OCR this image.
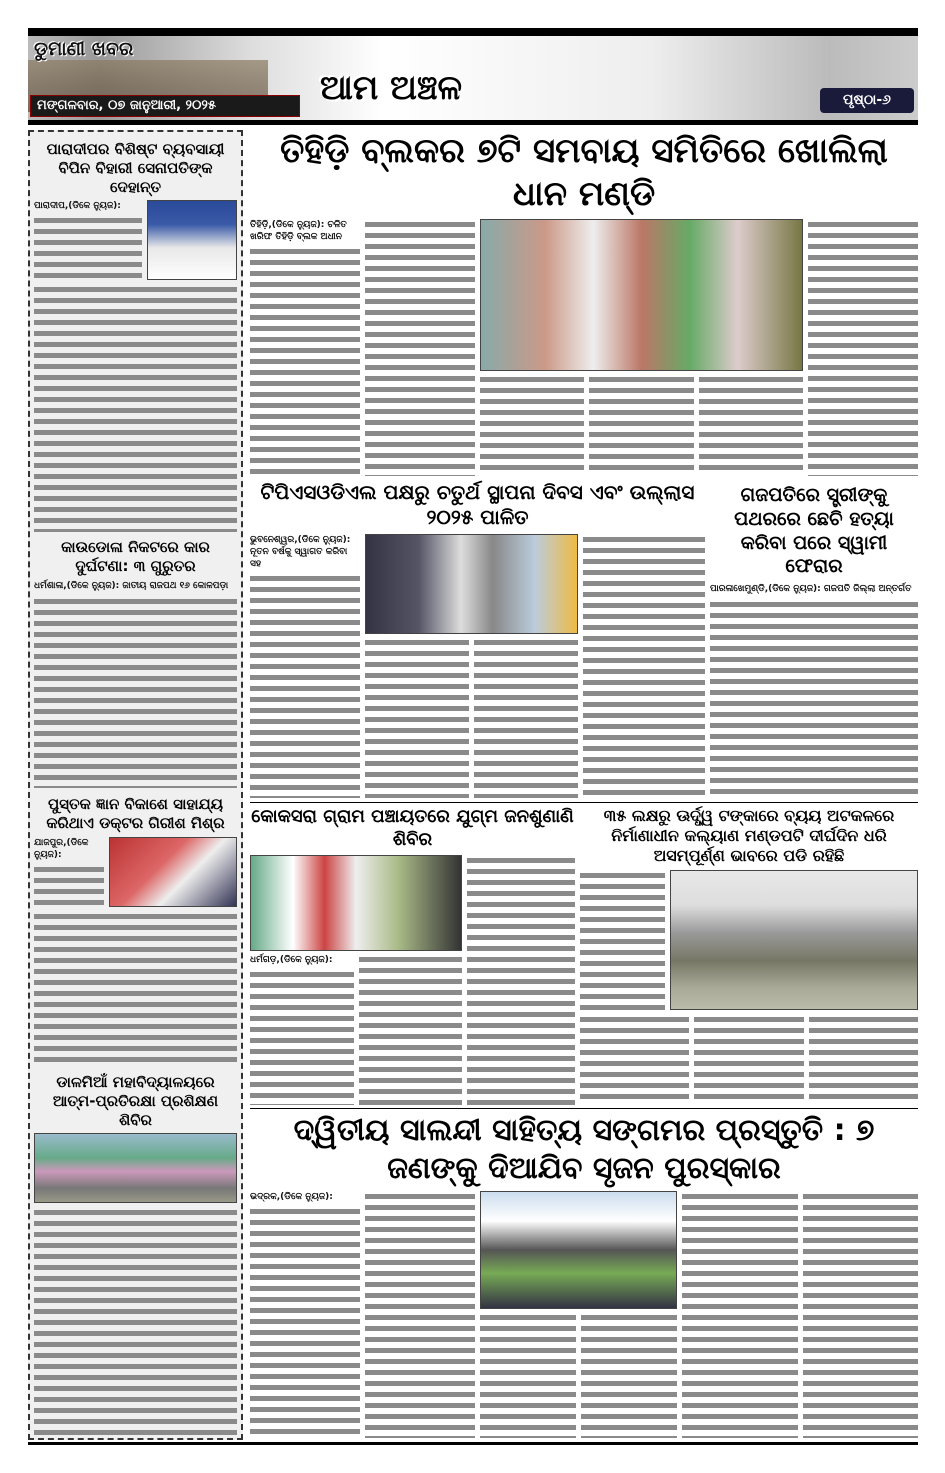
ଡୁମାଣୀ ଖବର
ମଙ୍ଗଳବାର, ୦୭ ଜାନୁଆରୀ, ୨୦୨୫	ଆମ ଅଞ୍ଚଳ	ପୃଷ୍ଠା-୬
ପାରାଦୀପର ବିଶିଷ୍ଟ ବ୍ୟବସାୟୀ ବିପିନ ବିହାରୀ ସେନାପତିଙ୍କ ଦେହାନ୍ତ
ପାରାଦୀପ,(ଡିକେ ନ୍ୟୁଜ):
କାଉଡୋଳା ନିକଟରେ କାର ଦୁର୍ଘଟଣା: ୩ ଗୁରୁତର
ଧର୍ମଶାଳା,(ଡିକେ ନ୍ୟୁଜ): ଜାତୀୟ ରାଜପଥ ୧୬ କୋଳପଡ଼ା
ପୁସ୍ତକ ଜ୍ଞାନ ବିକାଶେ ସାହାଯ୍ୟ କରିଥାଏ ଡକ୍ଟର ଗିରୀଶ ମିଶ୍ର
ଯାଜପୁର,(ଡିକେ ନ୍ୟୁଜ):
ଡାଳମିଆଁ ମହାବିଦ୍ୟାଳୟରେ ଆତ୍ମ-ପ୍ରତିରକ୍ଷା ପ୍ରଶିକ୍ଷଣ ଶିବିର
ତିହିଡ଼ି ବ୍ଲକର ୭ଟି ସମବାୟ ସମିତିରେ ଖୋଲିଲା ଧାନ ମଣ୍ଡି
ତିହିଡ଼ି,(ଡିକେ ନ୍ୟୁଜ): ଚଳିତ ଖରିଫ ତିହିଡ଼ି ବ୍ଲକ ଅଧୀନ
ଟିପିଏସଓଡିଏଲ ପକ୍ଷରୁ ଚତୁର୍ଥ ସ୍ଥାପନା ଦିବସ ଏବଂ ଉଲ୍ଲାସ ୨୦୨୫ ପାଳିତ
ଭୁବନେଶ୍ୱର,(ଡିକେ ନ୍ୟୁଜ): ନୂତନ ବର୍ଷକୁ ସ୍ୱାଗତ କରିବା ସହ
ଗଜପତିରେ ସ୍ତ୍ରୀଙ୍କୁ ପଥରରେ ଛେଚି ହତ୍ୟା କରିବା ପରେ ସ୍ୱାମୀ ଫେରାର
ପାରଳାଖେମୁଣ୍ଡି,(ଡିକେ ନ୍ୟୁଜ): ଗଜପତି ଜିଲ୍ଲା ଅନ୍ତର୍ଗତ
କୋକସରା ଗ୍ରାମ ପଞ୍ଚାୟତରେ ଯୁଗ୍ମ ଜନଶୁଣାଣି ଶିବିର
ଧର୍ମଗଡ଼,(ଡିକେ ନ୍ୟୁଜ):
୩୫ ଲକ୍ଷରୁ ଊର୍ଦ୍ଧ୍ୱ ଟଙ୍କାରେ ବ୍ୟୟ ଅଟକଳରେ ନିର୍ମାଣାଧୀନ କଲ୍ୟାଣ ମଣ୍ଡପଟି ଦୀର୍ଘଦିନ ଧରି ଅସମ୍ପୂର୍ଣ୍ଣ ଭାବରେ ପଡି ରହିଛି
ଦ୍ୱିତୀୟ ସାଲନ୍ଦୀ ସାହିତ୍ୟ ସଙ୍ଗମର ପ୍ରସ୍ତୁତି : ୭ ଜଣଙ୍କୁ ଦିଆଯିବ ସୃଜନ ପୁରସ୍କାର
ଭଦ୍ରକ,(ଡିକେ ନ୍ୟୁଜ):
